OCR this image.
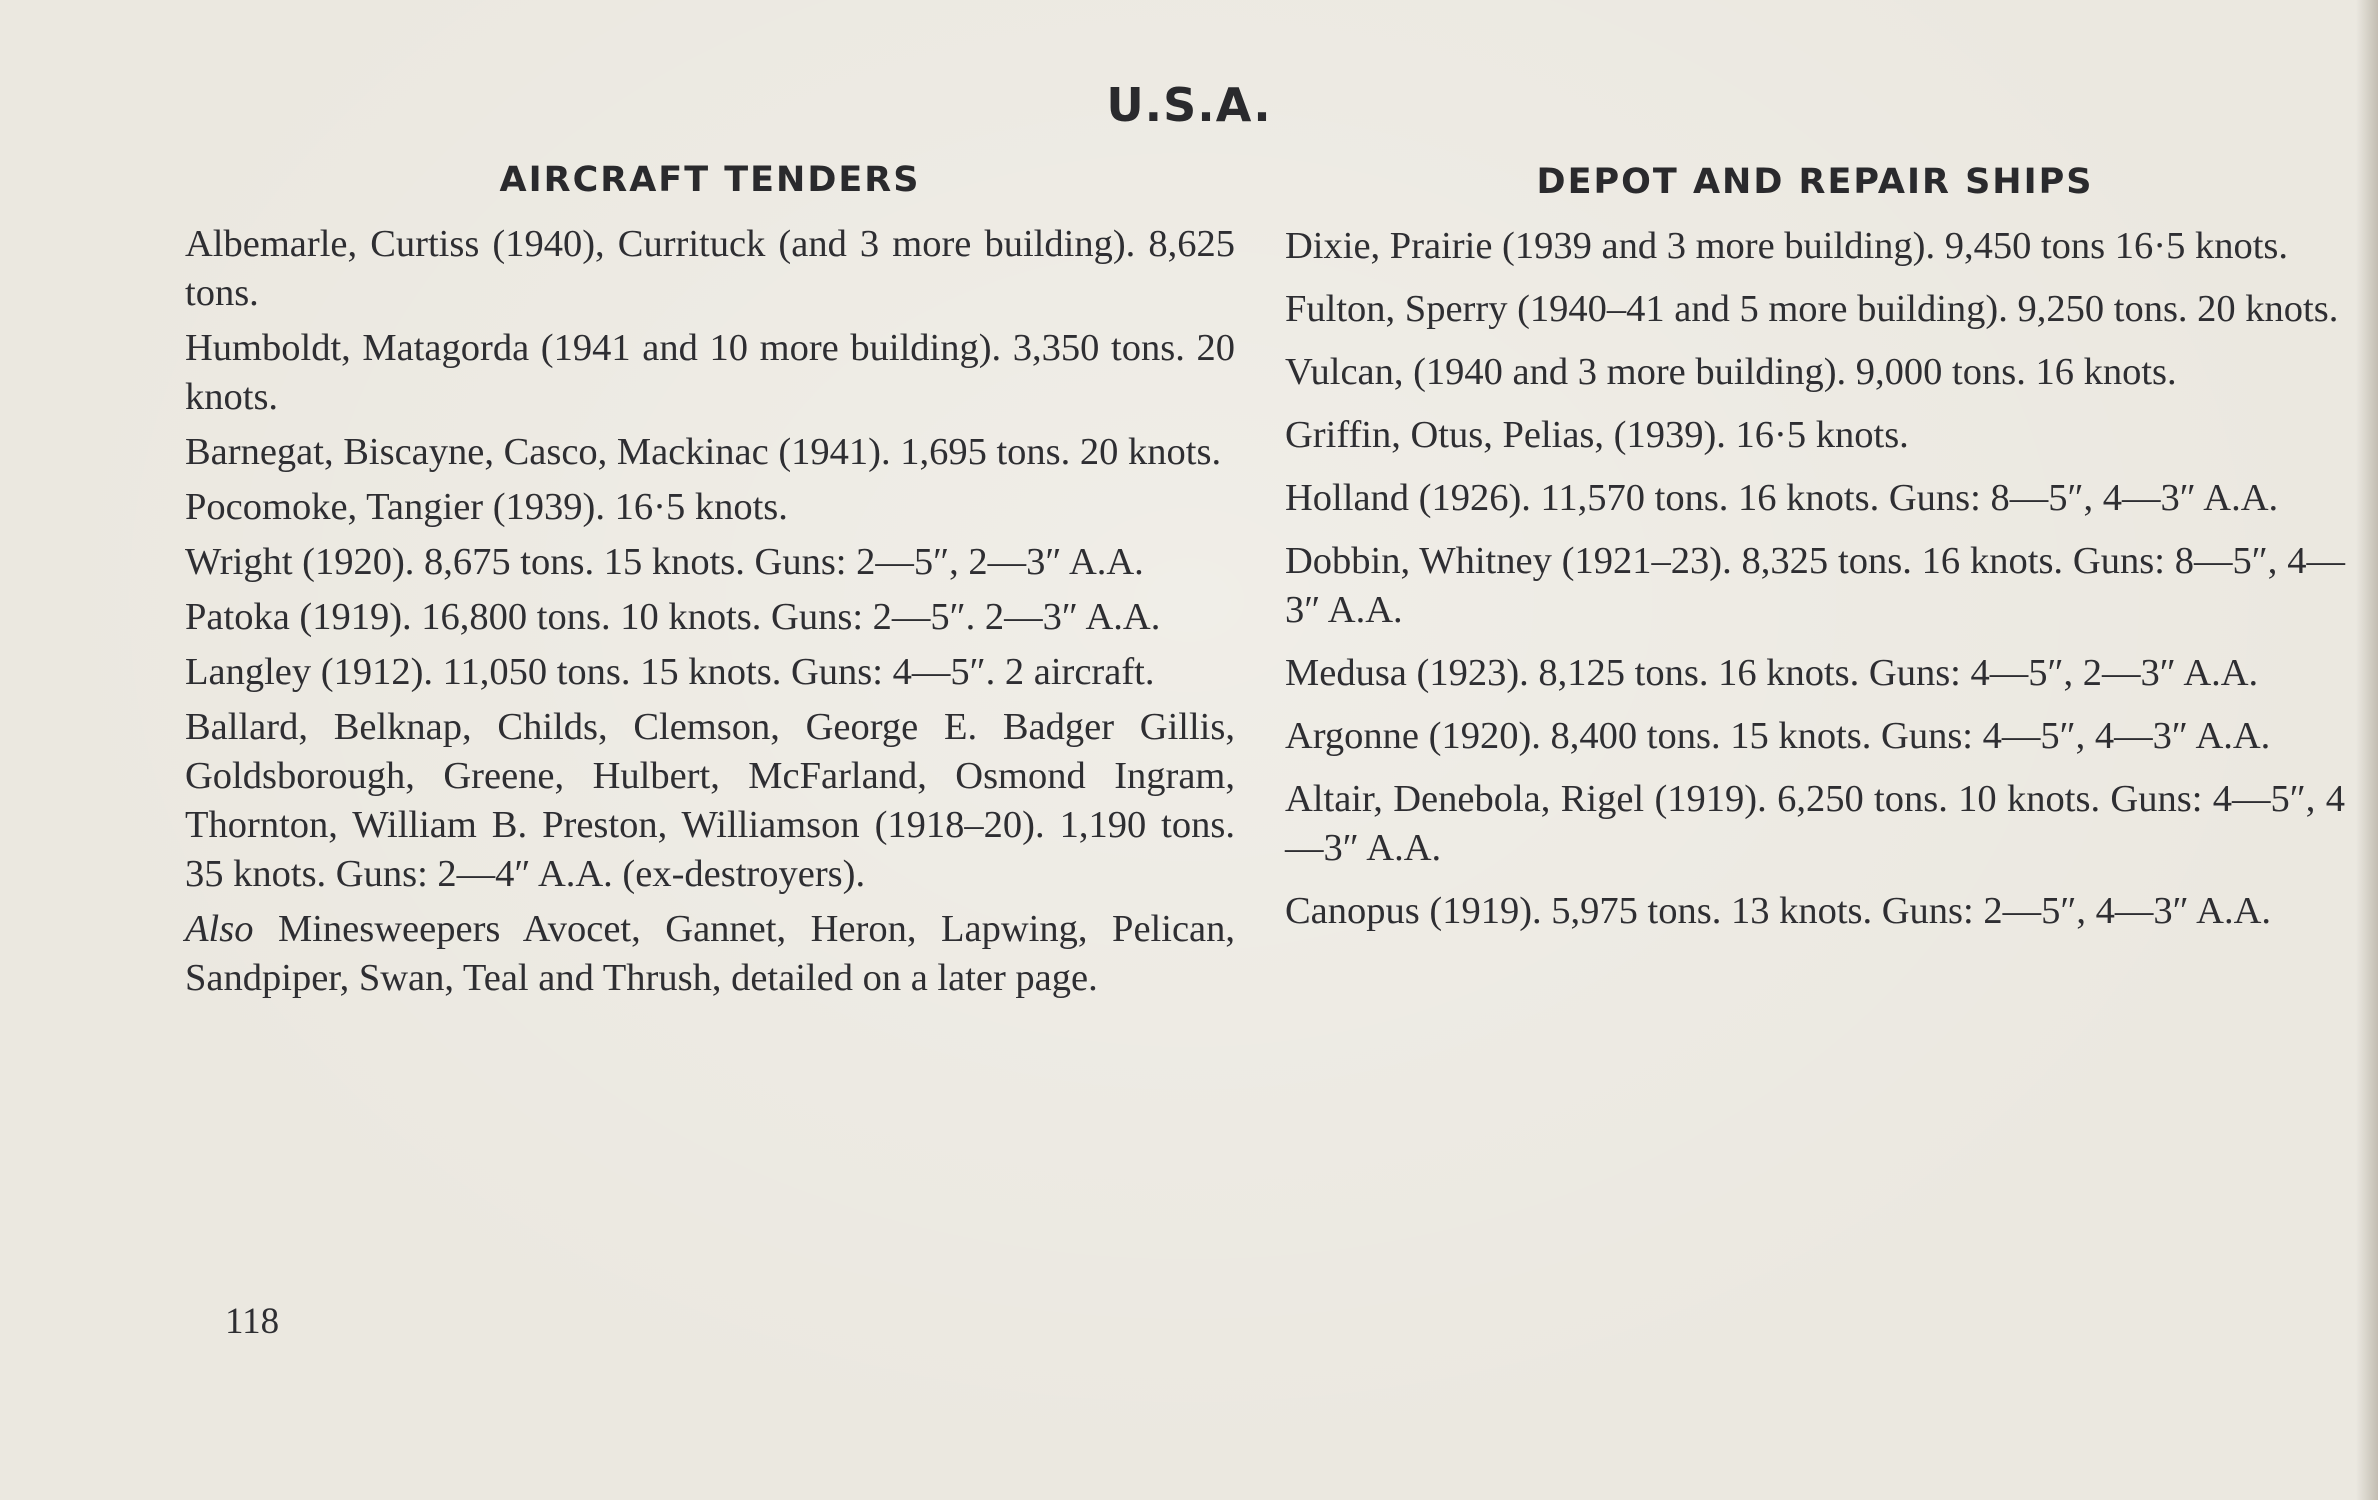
U.S.A.
AIRCRAFT TENDERS

Albemarle, Curtiss (1940), Currituck (and 3 more building). 8,625 tons.

Humboldt, Matagorda (1941 and 10 more building). 3,350 tons. 20 knots.

Barnegat, Biscayne, Casco, Mackinac (1941). 1,695 tons. 20 knots.

Pocomoke, Tangier (1939). 16·5 knots.

Wright (1920). 8,675 tons. 15 knots. Guns: 2—5″, 2—3″ A.A.

Patoka (1919). 16,800 tons. 10 knots. Guns: 2—5″. 2—3″ A.A.

Langley (1912). 11,050 tons. 15 knots. Guns: 4—5″. 2 aircraft.

Ballard, Belknap, Childs, Clemson, George E. Badger Gillis, Goldsborough, Greene, Hulbert, McFarland, Osmond Ingram, Thornton, William B. Preston, Williamson (1918–20). 1,190 tons. 35 knots. Guns: 2—4″ A.A. (ex-destroyers).

Also Minesweepers Avocet, Gannet, Heron, Lapwing, Pelican, Sandpiper, Swan, Teal and Thrush, detailed on a later page.

DEPOT AND REPAIR SHIPS

Dixie, Prairie (1939 and 3 more building). 9,450 tons 16·5 knots.

Fulton, Sperry (1940–41 and 5 more building). 9,250 tons. 20 knots.

Vulcan, (1940 and 3 more building). 9,000 tons. 16 knots.

Griffin, Otus, Pelias, (1939). 16·5 knots.

Holland (1926). 11,570 tons. 16 knots. Guns: 8—5″, 4—3″ A.A.

Dobbin, Whitney (1921–23). 8,325 tons. 16 knots. Guns: 8—5″, 4—3″ A.A.

Medusa (1923). 8,125 tons. 16 knots. Guns: 4—5″, 2—3″ A.A.

Argonne (1920). 8,400 tons. 15 knots. Guns: 4—5″, 4—3″ A.A.

Altair, Denebola, Rigel (1919). 6,250 tons. 10 knots. Guns: 4—5″, 4—3″ A.A.

Canopus (1919). 5,975 tons. 13 knots. Guns: 2—5″, 4—3″ A.A.

118
